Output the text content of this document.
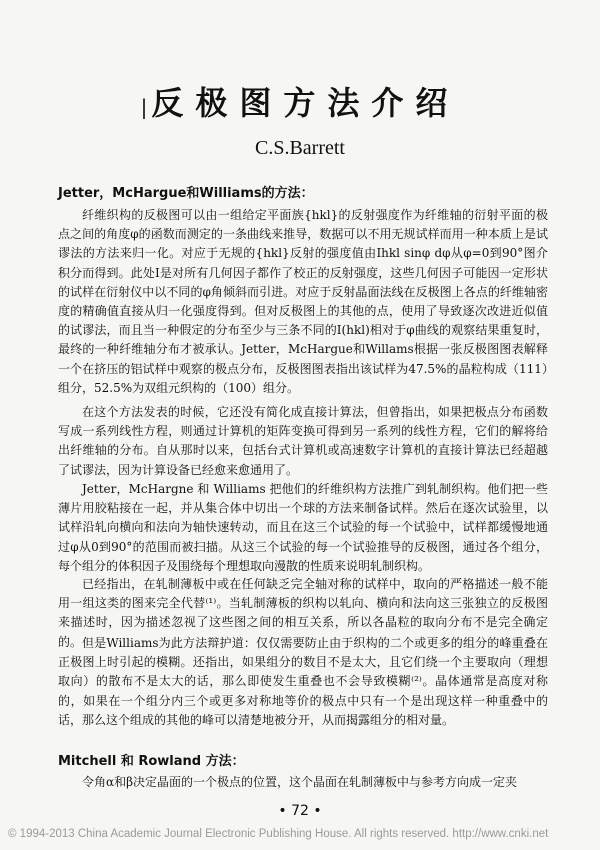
| 反极图方法介绍
C.S.Barrett
Jetter，McHargue和Williams的方法：

纤维织构的反极图可以由一组给定平面族{hkl}的反射强度作为纤维轴的衍射平面的极点之间的角度φ的函数而测定的一条曲线来推导，数据可以不用无规试样而用一种本质上是试谬法的方法来归一化。对应于无规的{hkl}反射的强度值由Ihkl sinφ dφ从φ=0到90°图介积分而得到。此处I是对所有几何因子都作了校正的反射强度，这些几何因子可能因一定形状的试样在衍射仪中以不同的φ角倾斜而引进。对应于反射晶面法线在反极图上各点的纤维轴密度的精确值直接从归一化强度得到。但对反极图上的其他的点，使用了导致逐次改进近似值的试谬法，而且当一种假定的分布至少与三条不同的I(hkl)相对于φ曲线的观察结果重复时，最终的一种纤维轴分布才被承认。Jetter，McHargue和Willams根据一张反极图图表解释一个在挤压的铝试样中观察的极点分布，反极图图表指出该试样为47.5%的晶粒构成（111）组分，52.5%为双组元织构的（100）组分。

在这个方法发表的时候，它还没有简化成直接计算法，但曾指出，如果把极点分布函数写成一系列线性方程，则通过计算机的矩阵变换可得到另一系列的线性方程，它们的解将给出纤维轴的分布。自从那时以来，包括台式计算机或高速数字计算机的直接计算法已经超越了试谬法，因为计算设备已经愈来愈通用了。

Jetter，McHargne 和 Williams 把他们的纤维织构方法推广到轧制织构。他们把一些薄片用胶粘接在一起，并从集合体中切出一个球的方法来制备试样。然后在逐次试验里，以试样沿轧向横向和法向为轴快速转动，而且在这三个试验的每一个试验中，试样都缓慢地通过φ从0到90°的范围而被扫描。从这三个试验的每一个试验推导的反极图，通过各个组分，每个组分的体积因子及围绕每个理想取向漫散的性质来说明轧制织构。

已经指出，在轧制薄板中或在任何缺乏完全轴对称的试样中，取向的严格描述一般不能用一组这类的图来完全代替⁽¹⁾。当轧制薄板的织构以轧向、横向和法向这三张独立的反极图来描述时，因为描述忽视了这些图之间的相互关系，所以各晶粒的取向分布不是完全确定的。 但是Williams为此方法辩护道：仅仅需要防止由于织构的二个或更多的组分的峰重叠在正极图上时引起的模糊。还指出，如果组分的数目不是太大，且它们绕一个主要取向（理想取向）的散布不是太大的话，那么即使发生重叠也不会导致模糊⁽²⁾。晶体通常是高度对称的，如果在一个组分内三个或更多对称地等价的极点中只有一个是出现这样一种重叠中的话，那么这个组成的其他的峰可以清楚地被分开，从而揭露组分的相对量。

Mitchell 和 Rowland 方法：

令角α和β决定晶面的一个极点的位置，这个晶面在轧制薄板中与参考方向成一定夹

• 72 •
© 1994-2013 China Academic Journal Electronic Publishing House. All rights reserved. http://www.cnki.net
